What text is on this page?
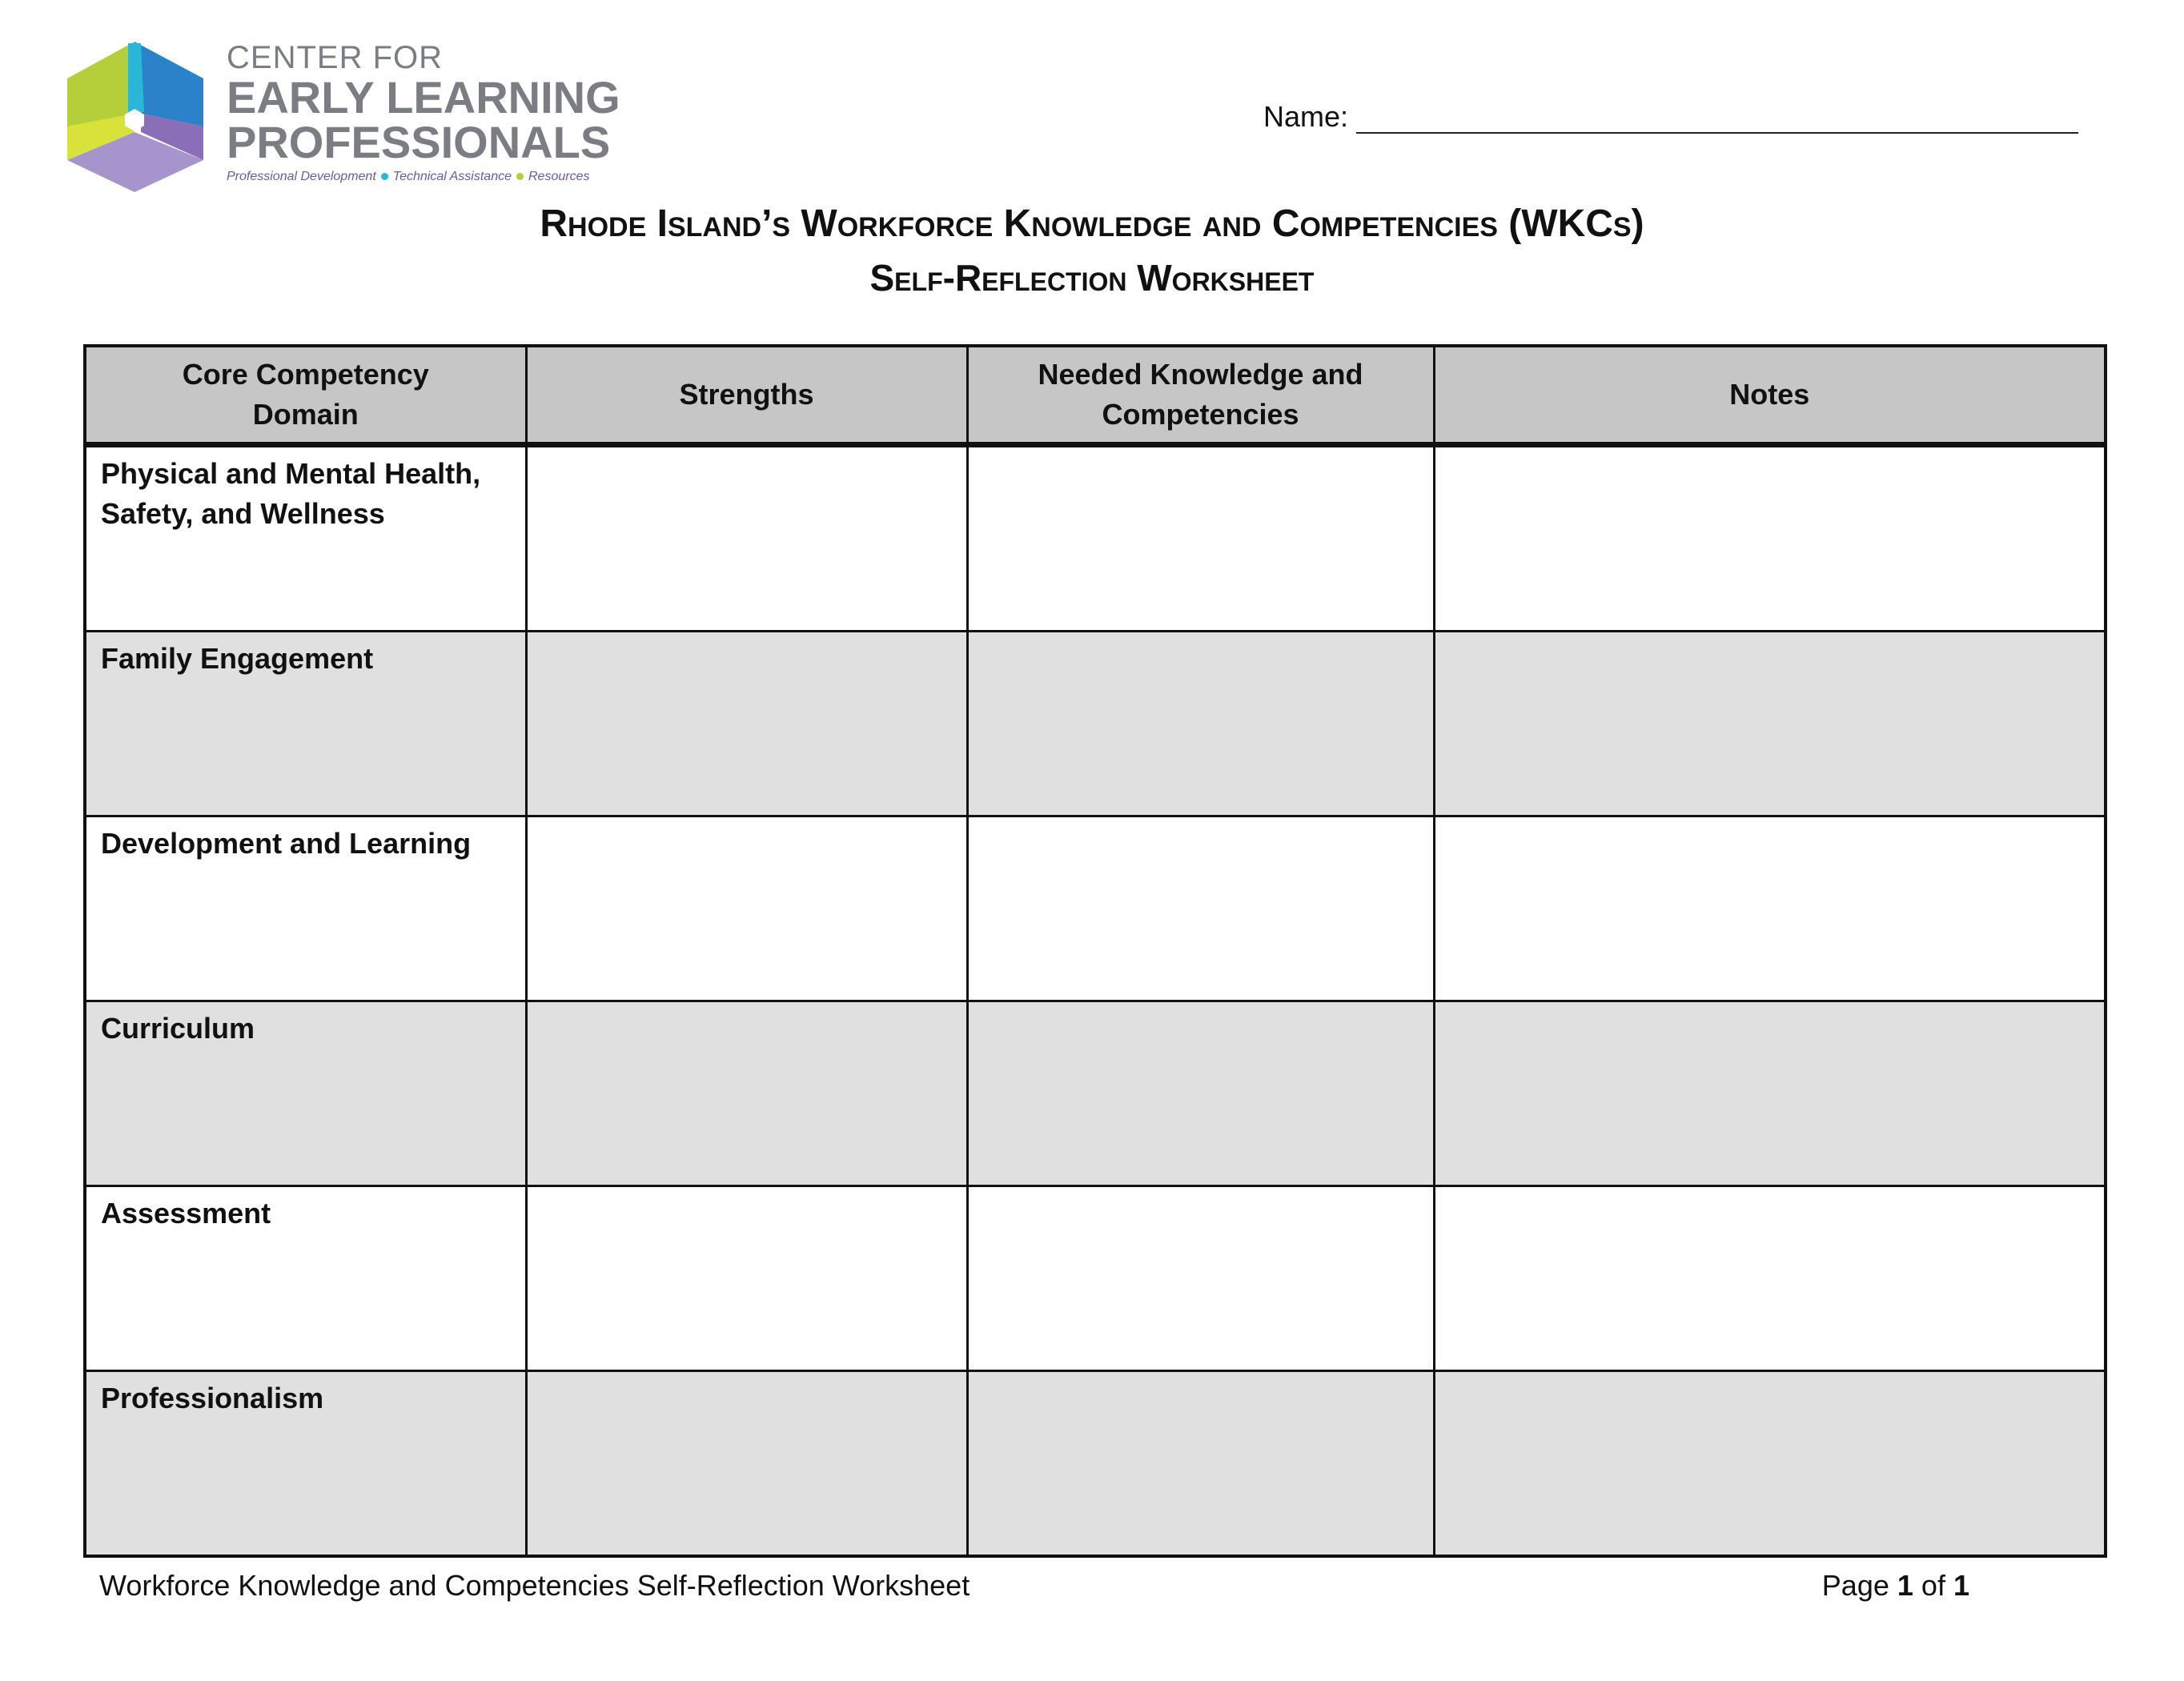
CENTER FOR
EARLY LEARNING
PROFESSIONALS
Professional Development Technical Assistance Resources
Name:
Rhode Island’s Workforce Knowledge and Competencies (WKCs)
Self-Reflection Worksheet
Core Competency Domain	Strengths	Needed Knowledge and Competencies	Notes
Physical and Mental Health, Safety, and Wellness			
Family Engagement			
Development and Learning			
Curriculum			
Assessment			
Professionalism			
Workforce Knowledge and Competencies Self-Reflection Worksheet	Page 1 of 1
